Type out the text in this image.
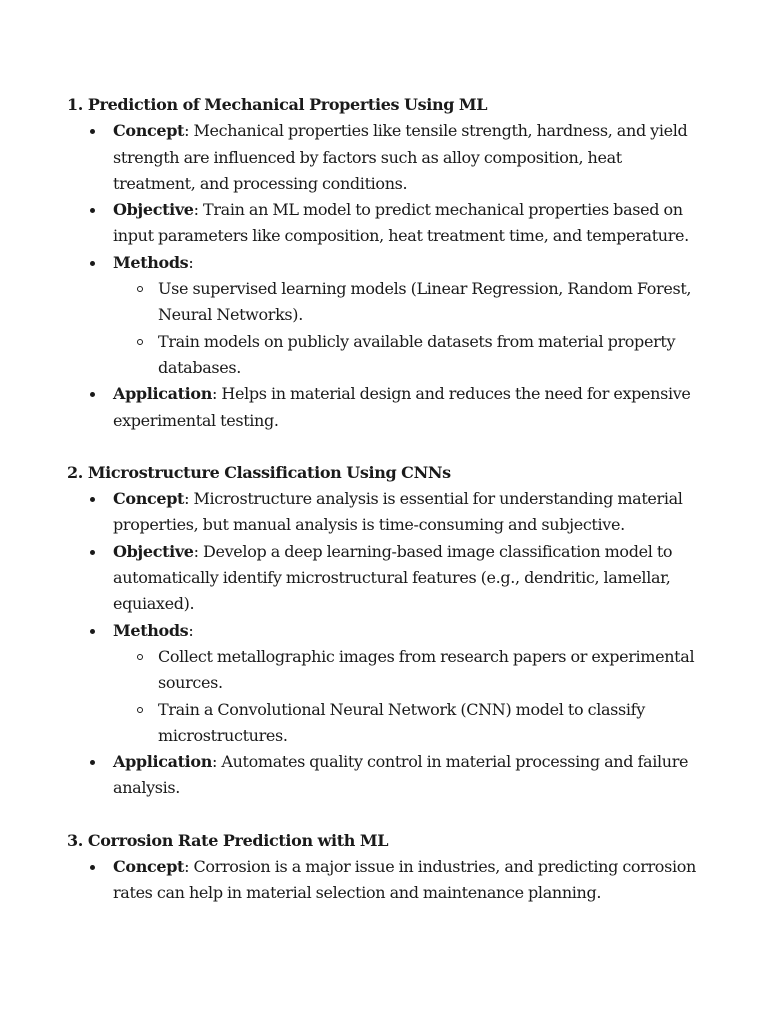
1. Prediction of Mechanical Properties Using ML

Concept: Mechanical properties like tensile strength, hardness, and yield strength are influenced by factors such as alloy composition, heat treatment, and processing conditions.
Objective: Train an ML model to predict mechanical properties based on input parameters like composition, heat treatment time, and temperature.
Methods:
Use supervised learning models (Linear Regression, Random Forest, Neural Networks).
Train models on publicly available datasets from material property databases.
Application: Helps in material design and reduces the need for expensive experimental testing.

2. Microstructure Classification Using CNNs

Concept: Microstructure analysis is essential for understanding material properties, but manual analysis is time-consuming and subjective.
Objective: Develop a deep learning-based image classification model to automatically identify microstructural features (e.g., dendritic, lamellar, equiaxed).
Methods:
Collect metallographic images from research papers or experimental sources.
Train a Convolutional Neural Network (CNN) model to classify microstructures.
Application: Automates quality control in material processing and failure analysis.

3. Corrosion Rate Prediction with ML

Concept: Corrosion is a major issue in industries, and predicting corrosion rates can help in material selection and maintenance planning.
